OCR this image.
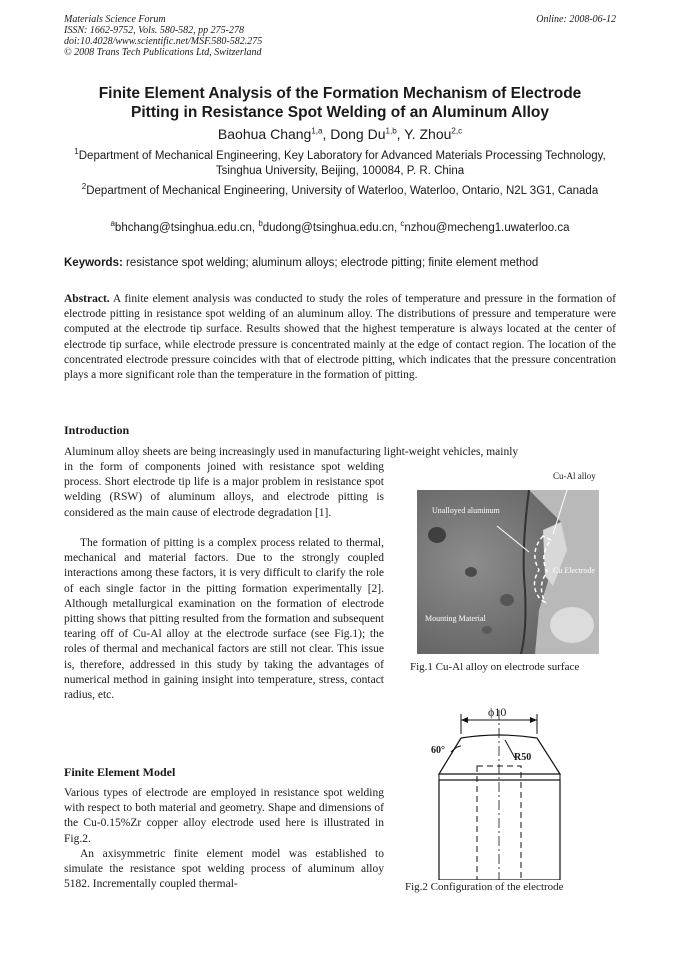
Materials Science Forum
ISSN: 1662-9752, Vols. 580-582, pp 275-278
doi:10.4028/www.scientific.net/MSF.580-582.275
© 2008 Trans Tech Publications Ltd, Switzerland
Online: 2008-06-12
Finite Element Analysis of the Formation Mechanism of Electrode
Pitting in Resistance Spot Welding of an Aluminum Alloy
Baohua Chang$^{1,a}$, Dong Du$^{1,b}$, Y. Zhou$^{2,c}$
$^1$Department of Mechanical Engineering, Key Laboratory for Advanced Materials Processing Technology, Tsinghua University, Beijing, 100084, P. R. China
$^2$Department of Mechanical Engineering, University of Waterloo, Waterloo, Ontario, N2L 3G1, Canada
$^a$bhchang@tsinghua.edu.cn, $^b$dudong@tsinghua.edu.cn, $^c$nzhou@mecheng1.uwaterloo.ca
Keywords: resistance spot welding; aluminum alloys; electrode pitting; finite element method
Abstract. A finite element analysis was conducted to study the roles of temperature and pressure in the formation of electrode pitting in resistance spot welding of an aluminum alloy. The distributions of pressure and temperature were computed at the electrode tip surface. Results showed that the highest temperature is always located at the center of electrode tip surface, while electrode pressure is concentrated mainly at the edge of contact region. The location of the concentrated electrode pressure coincides with that of electrode pitting, which indicates that the pressure concentration plays a more significant role than the temperature in the formation of pitting.
Introduction
Aluminum alloy sheets are being increasingly used in manufacturing light-weight vehicles, mainly
in the form of components joined with resistance spot welding process. Short electrode tip life is a major problem in resistance spot welding (RSW) of aluminum alloys, and electrode pitting is considered as the main cause of electrode degradation [1].
The formation of pitting is a complex process related to thermal, mechanical and material factors. Due to the strongly coupled interactions among these factors, it is very difficult to clarify the role of each single factor in the pitting formation experimentally [2]. Although metallurgical examination on the formation of electrode pitting shows that pitting resulted from the formation and subsequent tearing off of Cu-Al alloy at the electrode surface (see Fig.1); the roles of thermal and mechanical factors are still not clear. This issue is, therefore, addressed in this study by taking the advantages of numerical method in gaining insight into temperature, stress, contact radius, etc.
Finite Element Model
Various types of electrode are employed in resistance spot welding with respect to both material and geometry. Shape and dimensions of the Cu-0.15%Zr copper alloy electrode used here is illustrated in Fig.2.
An axisymmetric finite element model was established to simulate the resistance spot welding process of aluminum alloy 5182. Incrementally coupled thermal-
Cu-Al alloy
Unalloyed aluminum
Cu Electrode
Mounting Material
Fig.1 Cu-Al alloy on electrode surface
ϕ10
60°
R50
Fig.2 Configuration of the electrode
